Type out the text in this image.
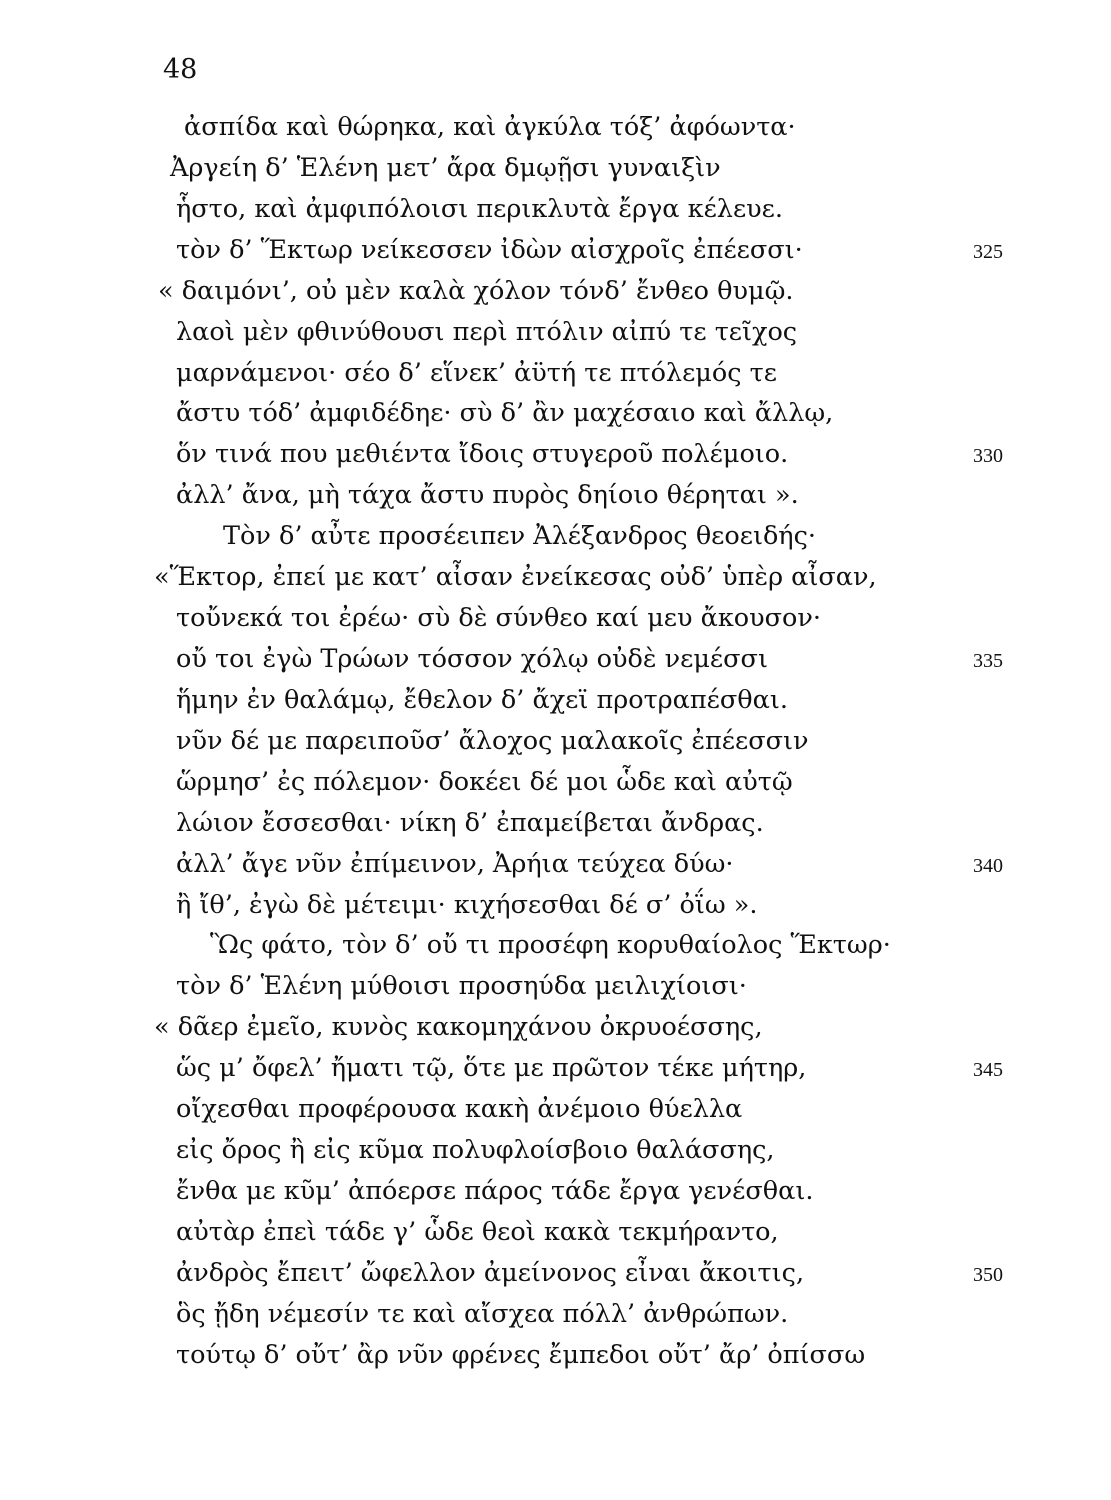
48
ἀσπίδα καὶ θώρηκα, καὶ ἀγκύλα τόξ’ ἀφόωντα·
Ἀργείη δ’ Ἑλένη μετ’ ἄρα δμῳῇσι γυναιξὶν
ἧστο, καὶ ἀμφιπόλοισι περικλυτὰ ἔργα κέλευε.
τὸν δ’ Ἕκτωρ νείκεσσεν ἰδὼν αἰσχροῖς ἐπέεσσι·	325
« δαιμόνι’, οὐ μὲν καλὰ χόλον τόνδ’ ἔνθεο θυμῷ.
λαοὶ μὲν φθινύθουσι περὶ πτόλιν αἰπύ τε τεῖχος
μαρνάμενοι· σέο δ’ εἵνεκ’ ἀϋτή τε πτόλεμός τε
ἄστυ τόδ’ ἀμφιδέδηε· σὺ δ’ ἂν μαχέσαιο καὶ ἄλλῳ,
ὅν τινά που μεθιέντα ἴδοις στυγεροῦ πολέμοιο.	330
ἀλλ’ ἄνα, μὴ τάχα ἄστυ πυρὸς δηίοιο θέρηται ».
Τὸν δ’ αὖτε προσέειπεν Ἀλέξανδρος θεοειδής·
«Ἕκτορ, ἐπεί με κατ’ αἶσαν ἐνείκεσας οὐδ’ ὑπὲρ αἶσαν,
τοὔνεκά τοι ἐρέω· σὺ δὲ σύνθεο καί μευ ἄκουσον·
οὔ τοι ἐγὼ Τρώων τόσσον χόλῳ οὐδὲ νεμέσσι	335
ἥμην ἐν θαλάμῳ, ἔθελον δ’ ἄχεϊ προτραπέσθαι.
νῦν δέ με παρειποῦσ’ ἄλοχος μαλακοῖς ἐπέεσσιν
ὥρμησ’ ἐς πόλεμον· δοκέει δέ μοι ὧδε καὶ αὐτῷ
λώιον ἔσσεσθαι· νίκη δ’ ἐπαμείβεται ἄνδρας.
ἀλλ’ ἄγε νῦν ἐπίμεινον, Ἀρήια τεύχεα δύω·	340
ἢ ἴθ’, ἐγὼ δὲ μέτειμι· κιχήσεσθαι δέ σ’ ὀΐω ».
Ὣς φάτο, τὸν δ’ οὔ τι προσέφη κορυθαίολος Ἕκτωρ·
τὸν δ’ Ἑλένη μύθοισι προσηύδα μειλιχίοισι·
« δᾶερ ἐμεῖο, κυνὸς κακομηχάνου ὀκρυοέσσης,
ὥς μ’ ὄφελ’ ἤματι τῷ, ὅτε με πρῶτον τέκε μήτηρ,	345
οἴχεσθαι προφέρουσα κακὴ ἀνέμοιο θύελλα
εἰς ὄρος ἢ εἰς κῦμα πολυφλοίσβοιο θαλάσσης,
ἔνθα με κῦμ’ ἀπόερσε πάρος τάδε ἔργα γενέσθαι.
αὐτὰρ ἐπεὶ τάδε γ’ ὧδε θεοὶ κακὰ τεκμήραντο,
ἀνδρὸς ἔπειτ’ ὤφελλον ἀμείνονος εἶναι ἄκοιτις,	350
ὃς ᾔδη νέμεσίν τε καὶ αἴσχεα πόλλ’ ἀνθρώπων.
τούτῳ δ’ οὔτ’ ἂρ νῦν φρένες ἔμπεδοι οὔτ’ ἄρ’ ὀπίσσω
